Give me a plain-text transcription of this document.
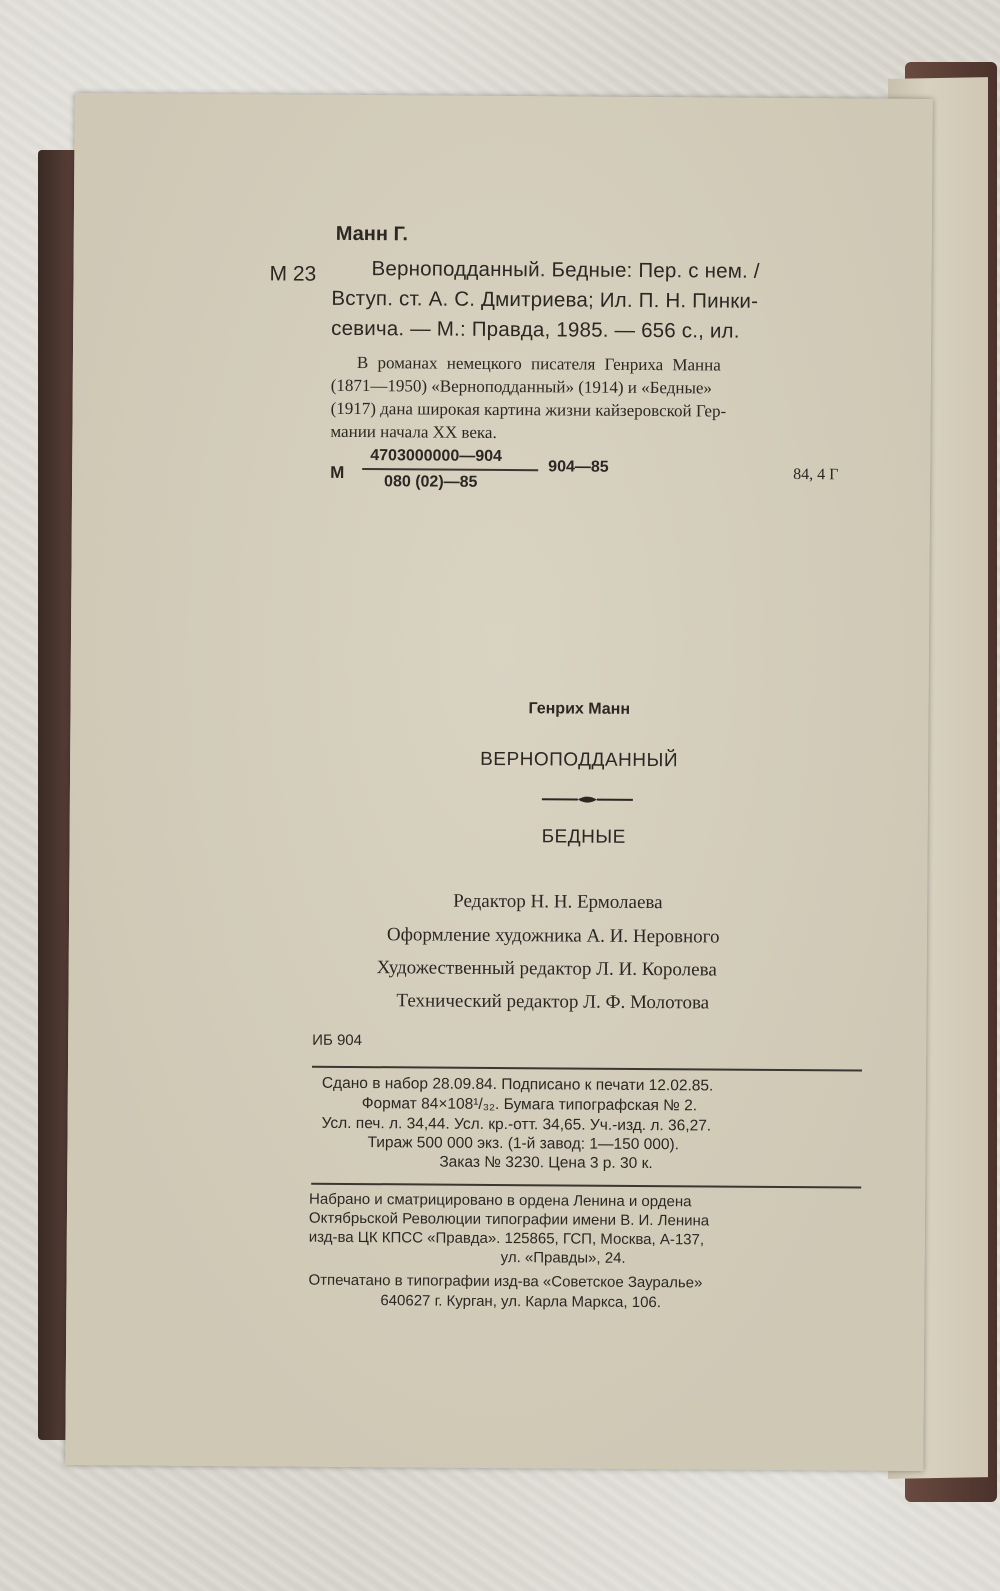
Манн Г.
М 23	Верноподданный. Бедные: Пер. с нем. /
Вступ. ст. А. С. Дмитриева; Ил. П. Н. Пинки-
севича. — М.: Правда, 1985. — 656 с., ил.
В романах немецкого писателя Генриха Манна
(1871—1950) «Верноподданный» (1914) и «Бедные»
(1917) дана широкая картина жизни кайзеровской Гер-
мании начала XX века.
М
4703000000—904
080 (02)—85
904—85	84, 4 Г
Генрих Манн
ВЕРНОПОДДАННЫЙ
БЕДНЫЕ
Редактор Н. Н. Ермолаева
Оформление художника А. И. Неровного
Художественный редактор Л. И. Королева
Технический редактор Л. Ф. Молотова
ИБ 904
Сдано в набор 28.09.84. Подписано к печати 12.02.85.
Формат 84×108¹/₃₂. Бумага типографская № 2.
Усл. печ. л. 34,44. Усл. кр.-отт. 34,65. Уч.-изд. л. 36,27.
Тираж 500 000 экз. (1-й завод: 1—150 000).
Заказ № 3230. Цена 3 р. 30 к.
Набрано и сматрицировано в ордена Ленина и ордена
Октябрьской Революции типографии имени В. И. Ленина
изд-ва ЦК КПСС «Правда». 125865, ГСП, Москва, А-137,
ул. «Правды», 24.
Отпечатано в типографии изд-ва «Советское Зауралье»
640627 г. Курган, ул. Карла Маркса, 106.
